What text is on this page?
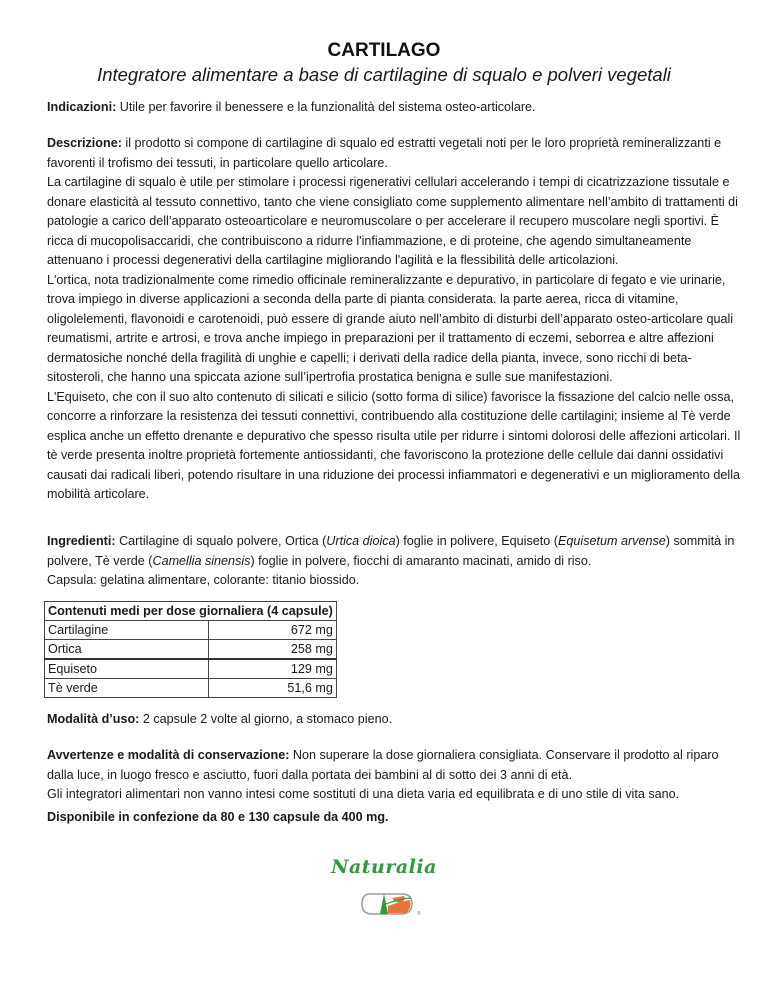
CARTILAGO
Integratore alimentare a base di cartilagine di squalo e polveri vegetali

Indicazioni: Utile per favorire il benessere e la funzionalità del sistema osteo-articolare.

Descrizione: il prodotto si compone di cartilagine di squalo ed estratti vegetali noti per le loro proprietà remineralizzanti e favorenti il trofismo dei tessuti, in particolare quello articolare.

La cartilagine di squalo è utile per stimolare i processi rigenerativi cellulari accelerando i tempi di cicatrizzazione tissutale e donare elasticità al tessuto connettivo, tanto che viene consigliato come supplemento alimentare nell’ambito di trattamenti di patologie a carico dell’apparato osteoarticolare e neuromuscolare o per accelerare il recupero muscolare negli sportivi. È ricca di mucopolisaccaridi, che contribuiscono a ridurre l'infiammazione, e di proteine, che agendo simultaneamente attenuano i processi degenerativi della cartilagine migliorando l'agilità e la flessibilità delle articolazioni.

L'ortica, nota tradizionalmente come rimedio officinale remineralizzante e depurativo, in particolare di fegato e vie urinarie, trova impiego in diverse applicazioni a seconda della parte di pianta considerata. la parte aerea, ricca di vitamine, oligolelementi, flavonoidi e carotenoidi, può essere di grande aiuto nell’ambito di disturbi dell’apparato osteo-articolare quali reumatismi, artrite e artrosi, e trova anche impiego in preparazioni per il trattamento di eczemi, seborrea e altre affezioni dermatosiche nonché della fragilità di unghie e capelli; i derivati della radice della pianta, invece, sono ricchi di beta-sitosteroli, che hanno una spiccata azione sull’ipertrofia prostatica benigna e sulle sue manifestazioni.

L'Equiseto, che con il suo alto contenuto di silicati e silicio (sotto forma di silice) favorisce la fissazione del calcio nelle ossa, concorre a rinforzare la resistenza dei tessuti connettivi, contribuendo alla costituzione delle cartilagini; insieme al Tè verde esplica anche un effetto drenante e depurativo che spesso risulta utile per ridurre i sintomi dolorosi delle affezioni articolari. Il tè verde presenta inoltre proprietà fortemente antiossidanti, che favoriscono la protezione delle cellule dai danni ossidativi causati dai radicali liberi, potendo risultare in una riduzione dei processi infiammatori e degenerativi e un miglioramento della mobilità articolare.

Ingredienti: Cartilagine di squalo polvere, Ortica (Urtica dioica) foglie in polivere, Equiseto (Equisetum arvense) sommità in polvere, Tè verde (Camellia sinensis) foglie in polvere, fiocchi di amaranto macinati, amido di riso.

Capsula: gelatina alimentare, colorante: titanio biossido.

Contenuti medi per dose giornaliera (4 capsule)	
Cartilagine	672 mg
Ortica	258 mg
Equiseto	129 mg
Tè verde	51,6 mg

Modalità d’uso: 2 capsule 2 volte al giorno, a stomaco pieno.

Avvertenze e modalità di conservazione: Non superare la dose giornaliera consigliata. Conservare il prodotto al riparo dalla luce, in luogo fresco e asciutto, fuori dalla portata dei bambini al di sotto dei 3 anni di età.

Gli integratori alimentari non vanno intesi come sostituti di una dieta varia ed equilibrata e di uno stile di vita sano.

Disponibile in confezione da 80 e 130 capsule da 400 mg.

Naturalia
®
